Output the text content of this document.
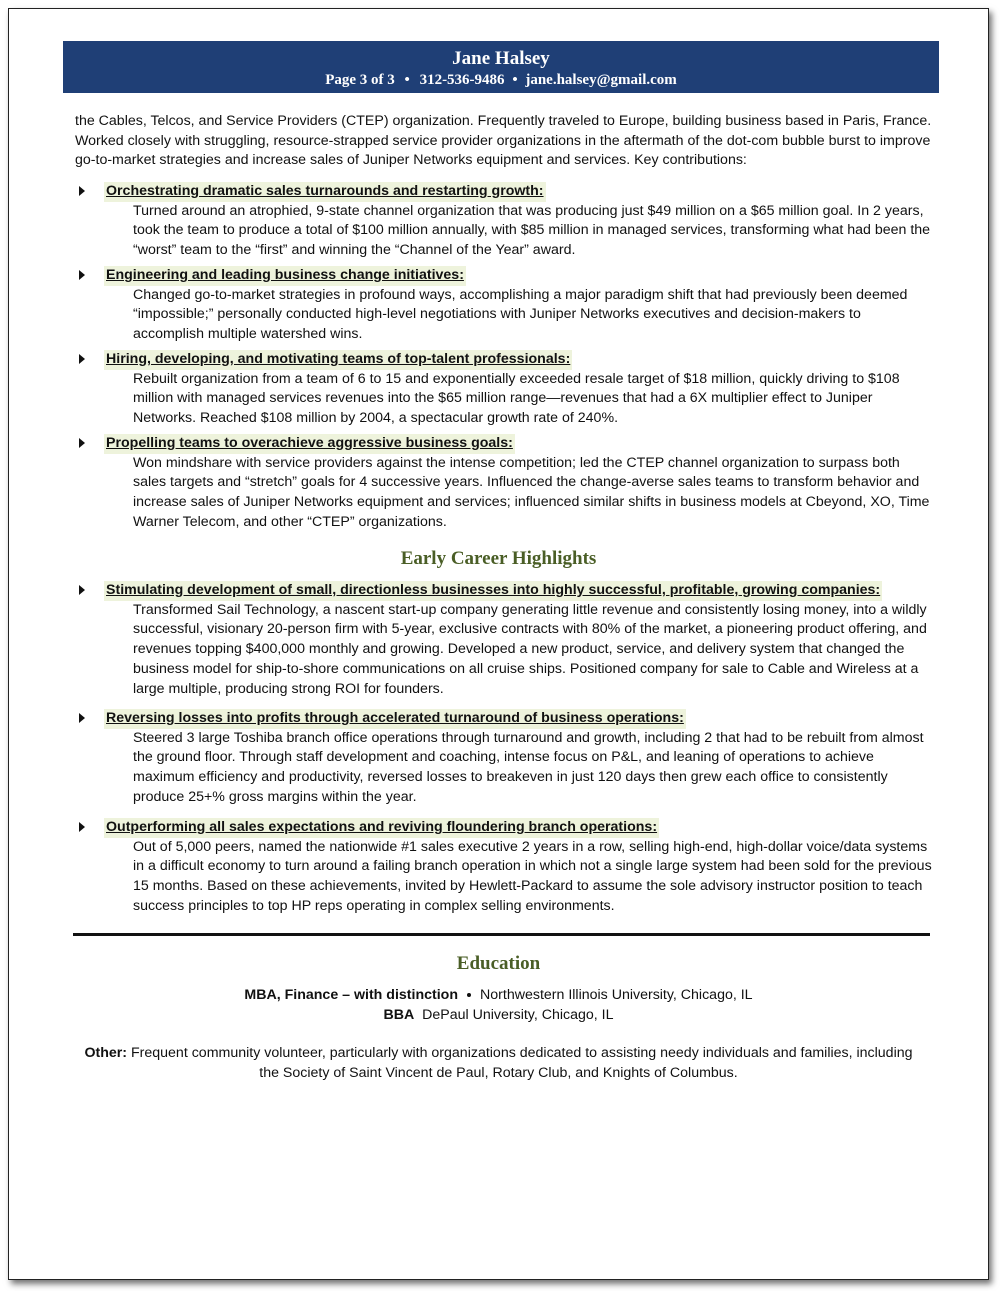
Jane Halsey
Page 3 of 3 • 312-536-9486 • jane.halsey@gmail.com
the Cables, Telcos, and Service Providers (CTEP) organization. Frequently traveled to Europe, building business based in Paris, France. Worked closely with struggling, resource-strapped service provider organizations in the aftermath of the dot-com bubble burst to improve go-to-market strategies and increase sales of Juniper Networks equipment and services. Key contributions:
Orchestrating dramatic sales turnarounds and restarting growth:
Turned around an atrophied, 9-state channel organization that was producing just $49 million on a $65 million goal. In 2 years, took the team to produce a total of $100 million annually, with $85 million in managed services, transforming what had been the “worst” team to the “first” and winning the “Channel of the Year” award.
Engineering and leading business change initiatives:
Changed go-to-market strategies in profound ways, accomplishing a major paradigm shift that had previously been deemed “impossible;” personally conducted high-level negotiations with Juniper Networks executives and decision-makers to accomplish multiple watershed wins.
Hiring, developing, and motivating teams of top-talent professionals:
Rebuilt organization from a team of 6 to 15 and exponentially exceeded resale target of $18 million, quickly driving to $108 million with managed services revenues into the $65 million range—revenues that had a 6X multiplier effect to Juniper Networks. Reached $108 million by 2004, a spectacular growth rate of 240%.
Propelling teams to overachieve aggressive business goals:
Won mindshare with service providers against the intense competition; led the CTEP channel organization to surpass both sales targets and “stretch” goals for 4 successive years. Influenced the change-averse sales teams to transform behavior and increase sales of Juniper Networks equipment and services; influenced similar shifts in business models at Cbeyond, XO, Time Warner Telecom, and other “CTEP” organizations.
Early Career Highlights
Stimulating development of small, directionless businesses into highly successful, profitable, growing companies:
Transformed Sail Technology, a nascent start-up company generating little revenue and consistently losing money, into a wildly successful, visionary 20-person firm with 5-year, exclusive contracts with 80% of the market, a pioneering product offering, and revenues topping $400,000 monthly and growing. Developed a new product, service, and delivery system that changed the business model for ship-to-shore communications on all cruise ships. Positioned company for sale to Cable and Wireless at a large multiple, producing strong ROI for founders.
Reversing losses into profits through accelerated turnaround of business operations:
Steered 3 large Toshiba branch office operations through turnaround and growth, including 2 that had to be rebuilt from almost the ground floor. Through staff development and coaching, intense focus on P&L, and leaning of operations to achieve maximum efficiency and productivity, reversed losses to breakeven in just 120 days then grew each office to consistently produce 25+% gross margins within the year.
Outperforming all sales expectations and reviving floundering branch operations:
Out of 5,000 peers, named the nationwide #1 sales executive 2 years in a row, selling high-end, high-dollar voice/data systems in a difficult economy to turn around a failing branch operation in which not a single large system had been sold for the previous 15 months. Based on these achievements, invited by Hewlett-Packard to assume the sole advisory instructor position to teach success principles to top HP reps operating in complex selling environments.
Education
MBA, Finance – with distinction Northwestern Illinois University, Chicago, IL
BBA DePaul University, Chicago, IL
Other: Frequent community volunteer, particularly with organizations dedicated to assisting needy individuals and families, including the Society of Saint Vincent de Paul, Rotary Club, and Knights of Columbus.
